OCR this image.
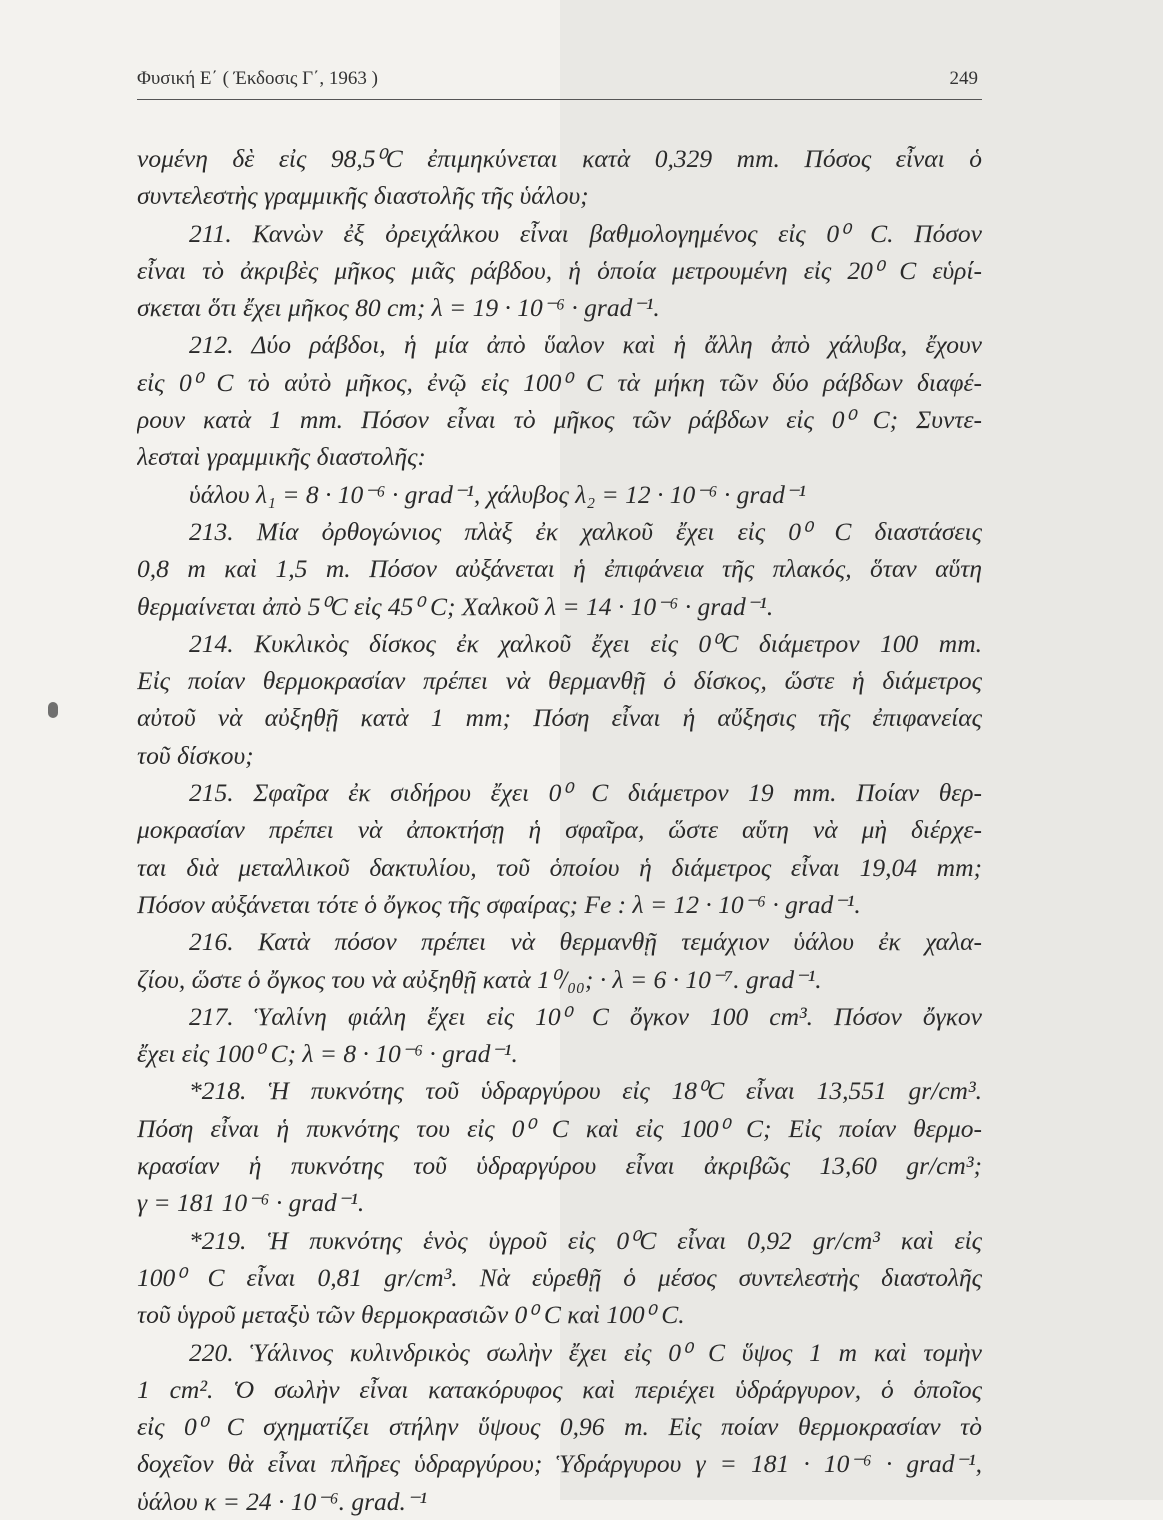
Φυσική Ε΄ ( Έκδοσις Γ΄, 1963 )	249
νομένη δὲ εἰς 98,5⁰C ἐπιμηκύνεται κατὰ 0,329 mm. Πόσος εἶναι ὁ
συντελεστὴς γραμμικῆς διαστολῆς τῆς ὑάλου;
211. Κανὼν ἐξ ὀρειχάλκου εἶναι βαθμολογημένος εἰς 0⁰ C. Πόσον
εἶναι τὸ ἀκριβὲς μῆκος μιᾶς ράβδου, ἡ ὁποία μετρουμένη εἰς 20⁰ C εὑρί-
σκεται ὅτι ἔχει μῆκος 80 cm; λ = 19 · 10⁻⁶ · grad⁻¹.
212. Δύο ράβδοι, ἡ μία ἀπὸ ὕαλον καὶ ἡ ἄλλη ἀπὸ χάλυβα, ἔχουν
εἰς 0⁰ C τὸ αὐτὸ μῆκος, ἐνῷ εἰς 100⁰ C τὰ μήκη τῶν δύο ράβδων διαφέ-
ρουν κατὰ 1 mm. Πόσον εἶναι τὸ μῆκος τῶν ράβδων εἰς 0⁰ C; Συντε-
λεσταὶ γραμμικῆς διαστολῆς:
ὑάλου λ₁ = 8 · 10⁻⁶ · grad⁻¹, χάλυβος λ₂ = 12 · 10⁻⁶ · grad⁻¹
213. Μία ὀρθογώνιος πλὰξ ἐκ χαλκοῦ ἔχει εἰς 0⁰ C διαστάσεις
0,8 m καὶ 1,5 m. Πόσον αὐξάνεται ἡ ἐπιφάνεια τῆς πλακός, ὅταν αὕτη
θερμαίνεται ἀπὸ 5⁰C εἰς 45⁰ C; Χαλκοῦ λ = 14 · 10⁻⁶ · grad⁻¹.
214. Κυκλικὸς δίσκος ἐκ χαλκοῦ ἔχει εἰς 0⁰C διάμετρον 100 mm.
Εἰς ποίαν θερμοκρασίαν πρέπει νὰ θερμανθῇ ὁ δίσκος, ὥστε ἡ διάμετρος
αὐτοῦ νὰ αὐξηθῇ κατὰ 1 mm; Πόση εἶναι ἡ αὔξησις τῆς ἐπιφανείας
τοῦ δίσκου;
215. Σφαῖρα ἐκ σιδήρου ἔχει 0⁰ C διάμετρον 19 mm. Ποίαν θερ-
μοκρασίαν πρέπει νὰ ἀποκτήσῃ ἡ σφαῖρα, ὥστε αὕτη νὰ μὴ διέρχε-
ται διὰ μεταλλικοῦ δακτυλίου, τοῦ ὁποίου ἡ διάμετρος εἶναι 19,04 mm;
Πόσον αὐξάνεται τότε ὁ ὄγκος τῆς σφαίρας; Fe : λ = 12 · 10⁻⁶ · grad⁻¹.
216. Κατὰ πόσον πρέπει νὰ θερμανθῇ τεμάχιον ὑάλου ἐκ χαλα-
ζίου, ὥστε ὁ ὄγκος του νὰ αὐξηθῇ κατὰ 1⁰/₀₀; · λ = 6 · 10⁻⁷. grad⁻¹.
217. Ὑαλίνη φιάλη ἔχει εἰς 10⁰ C ὄγκον 100 cm³. Πόσον ὄγκον
ἔχει εἰς 100⁰ C; λ = 8 · 10⁻⁶ · grad⁻¹.
*218. Ἡ πυκνότης τοῦ ὑδραργύρου εἰς 18⁰C εἶναι 13,551 gr/cm³.
Πόση εἶναι ἡ πυκνότης του εἰς 0⁰ C καὶ εἰς 100⁰ C; Εἰς ποίαν θερμο-
κρασίαν ἡ πυκνότης τοῦ ὑδραργύρου εἶναι ἀκριβῶς 13,60 gr/cm³;
γ = 181 10⁻⁶ · grad⁻¹.
*219. Ἡ πυκνότης ἑνὸς ὑγροῦ εἰς 0⁰C εἶναι 0,92 gr/cm³ καὶ εἰς
100⁰ C εἶναι 0,81 gr/cm³. Νὰ εὑρεθῇ ὁ μέσος συντελεστὴς διαστολῆς
τοῦ ὑγροῦ μεταξὺ τῶν θερμοκρασιῶν 0⁰ C καὶ 100⁰ C.
220. Ὑάλινος κυλινδρικὸς σωλὴν ἔχει εἰς 0⁰ C ὕψος 1 m καὶ τομὴν
1 cm². Ὁ σωλὴν εἶναι κατακόρυφος καὶ περιέχει ὑδράργυρον, ὁ ὁποῖος
εἰς 0⁰ C σχηματίζει στήλην ὕψους 0,96 m. Εἰς ποίαν θερμοκρασίαν τὸ
δοχεῖον θὰ εἶναι πλῆρες ὑδραργύρου; Ὑδράργυρου γ = 181 · 10⁻⁶ · grad⁻¹,
ὑάλου κ = 24 · 10⁻⁶. grad.⁻¹
